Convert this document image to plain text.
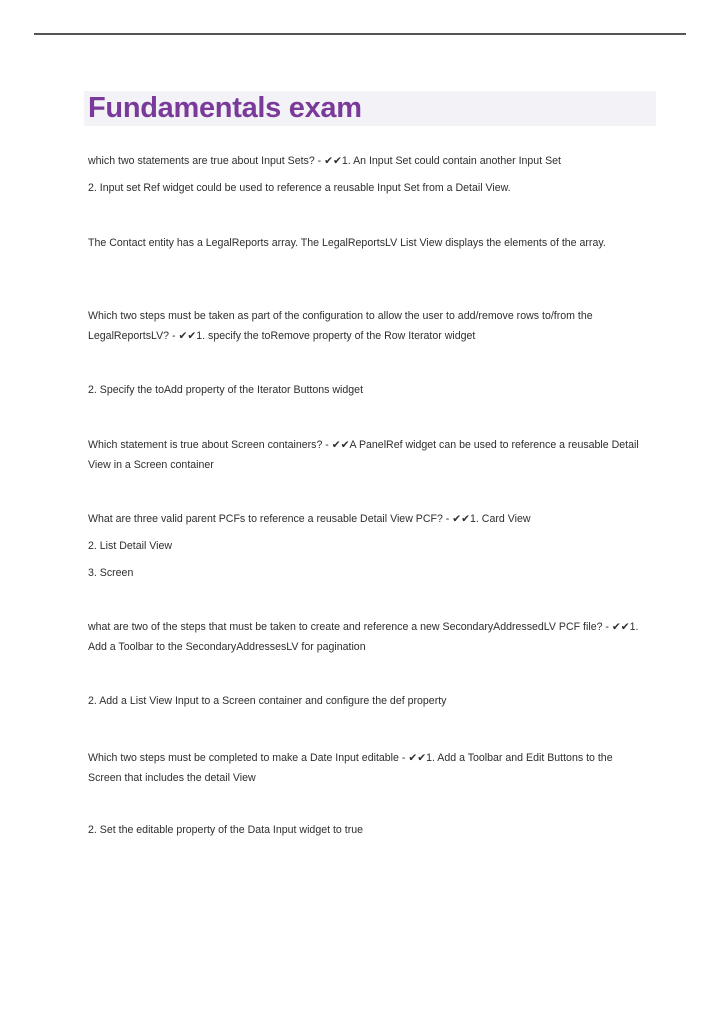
Fundamentals exam

which two statements are true about Input Sets? - ✔✔1. An Input Set could contain another Input Set

2. Input set Ref widget could be used to reference a reusable Input Set from a Detail View.

The Contact entity has a LegalReports array. The LegalReportsLV List View displays the elements of the array.

Which two steps must be taken as part of the configuration to allow the user to add/remove rows to/from the LegalReportsLV? - ✔✔1. specify the toRemove property of the Row Iterator widget

2. Specify the toAdd property of the Iterator Buttons widget

Which statement is true about Screen containers? - ✔✔A PanelRef widget can be used to reference a reusable Detail View in a Screen container

What are three valid parent PCFs to reference a reusable Detail View PCF? - ✔✔1. Card View

2. List Detail View

3. Screen

what are two of the steps that must be taken to create and reference a new SecondaryAddressedLV PCF file? - ✔✔1. Add a Toolbar to the SecondaryAddressesLV for pagination

2. Add a List View Input to a Screen container and configure the def property

Which two steps must be completed to make a Date Input editable - ✔✔1. Add a Toolbar and Edit Buttons to the Screen that includes the detail View

2. Set the editable property of the Data Input widget to true
